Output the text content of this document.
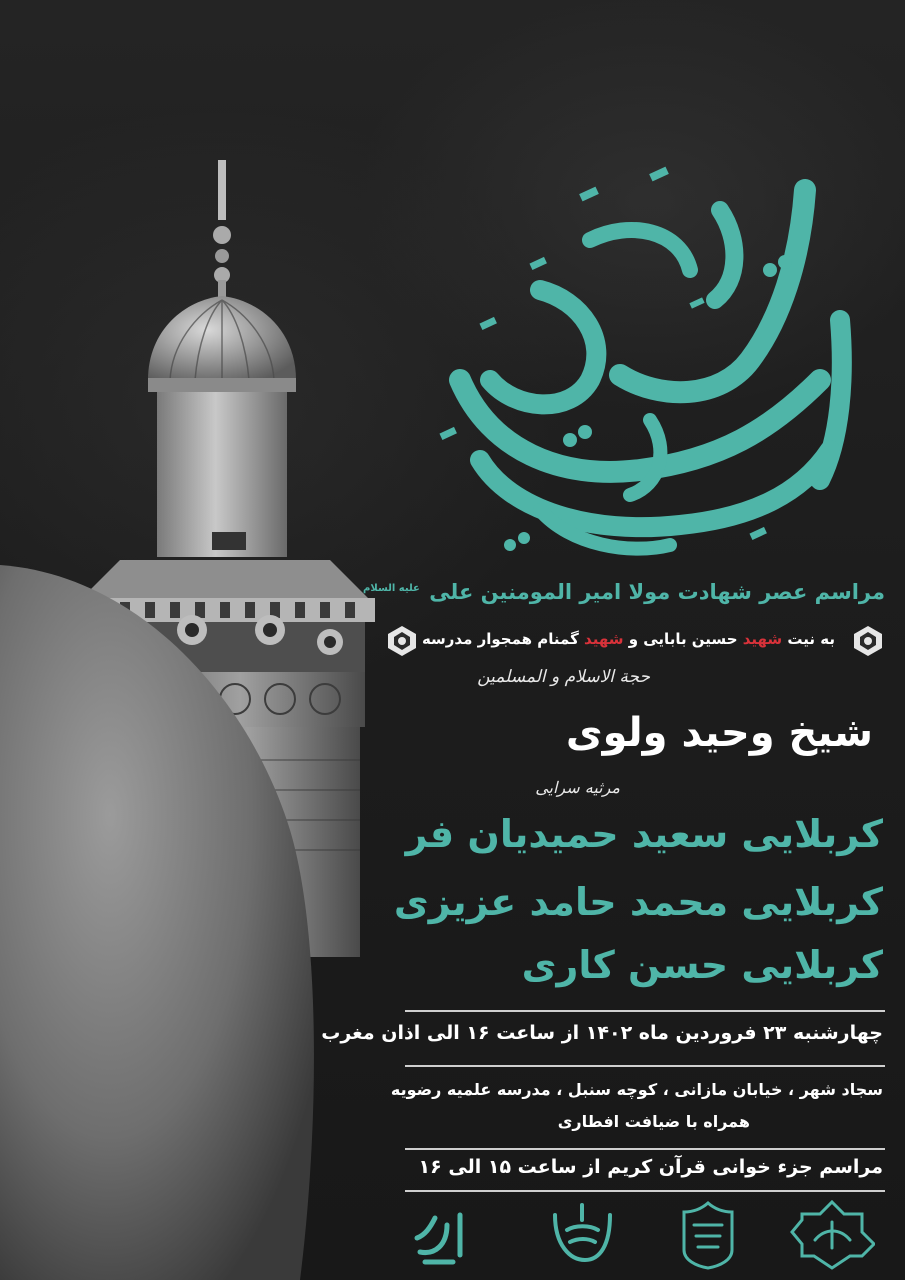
مراسم عصر شهادت مولا امیر المومنین علی $^{علیه السلام}$
به نیت شهید حسین بابایی و شهید گمنام همجوار مدرسه
حجة الاسلام و المسلمین
شیخ وحید ولوی
مرثیه سرایی
کربلایی سعید حمیدیان فر
کربلایی محمد حامد عزیزی
کربلایی حسن کاری
چهارشنبه ۲۳ فروردین ماه ۱۴۰۲ از ساعت ۱۶ الی اذان مغرب
سجاد شهر ، خیابان مازانی ، کوچه سنبل ، مدرسه علمیه رضویه
همراه با ضیافت افطاری
مراسم جزء خوانی قرآن کریم از ساعت ۱۵ الی ۱۶
